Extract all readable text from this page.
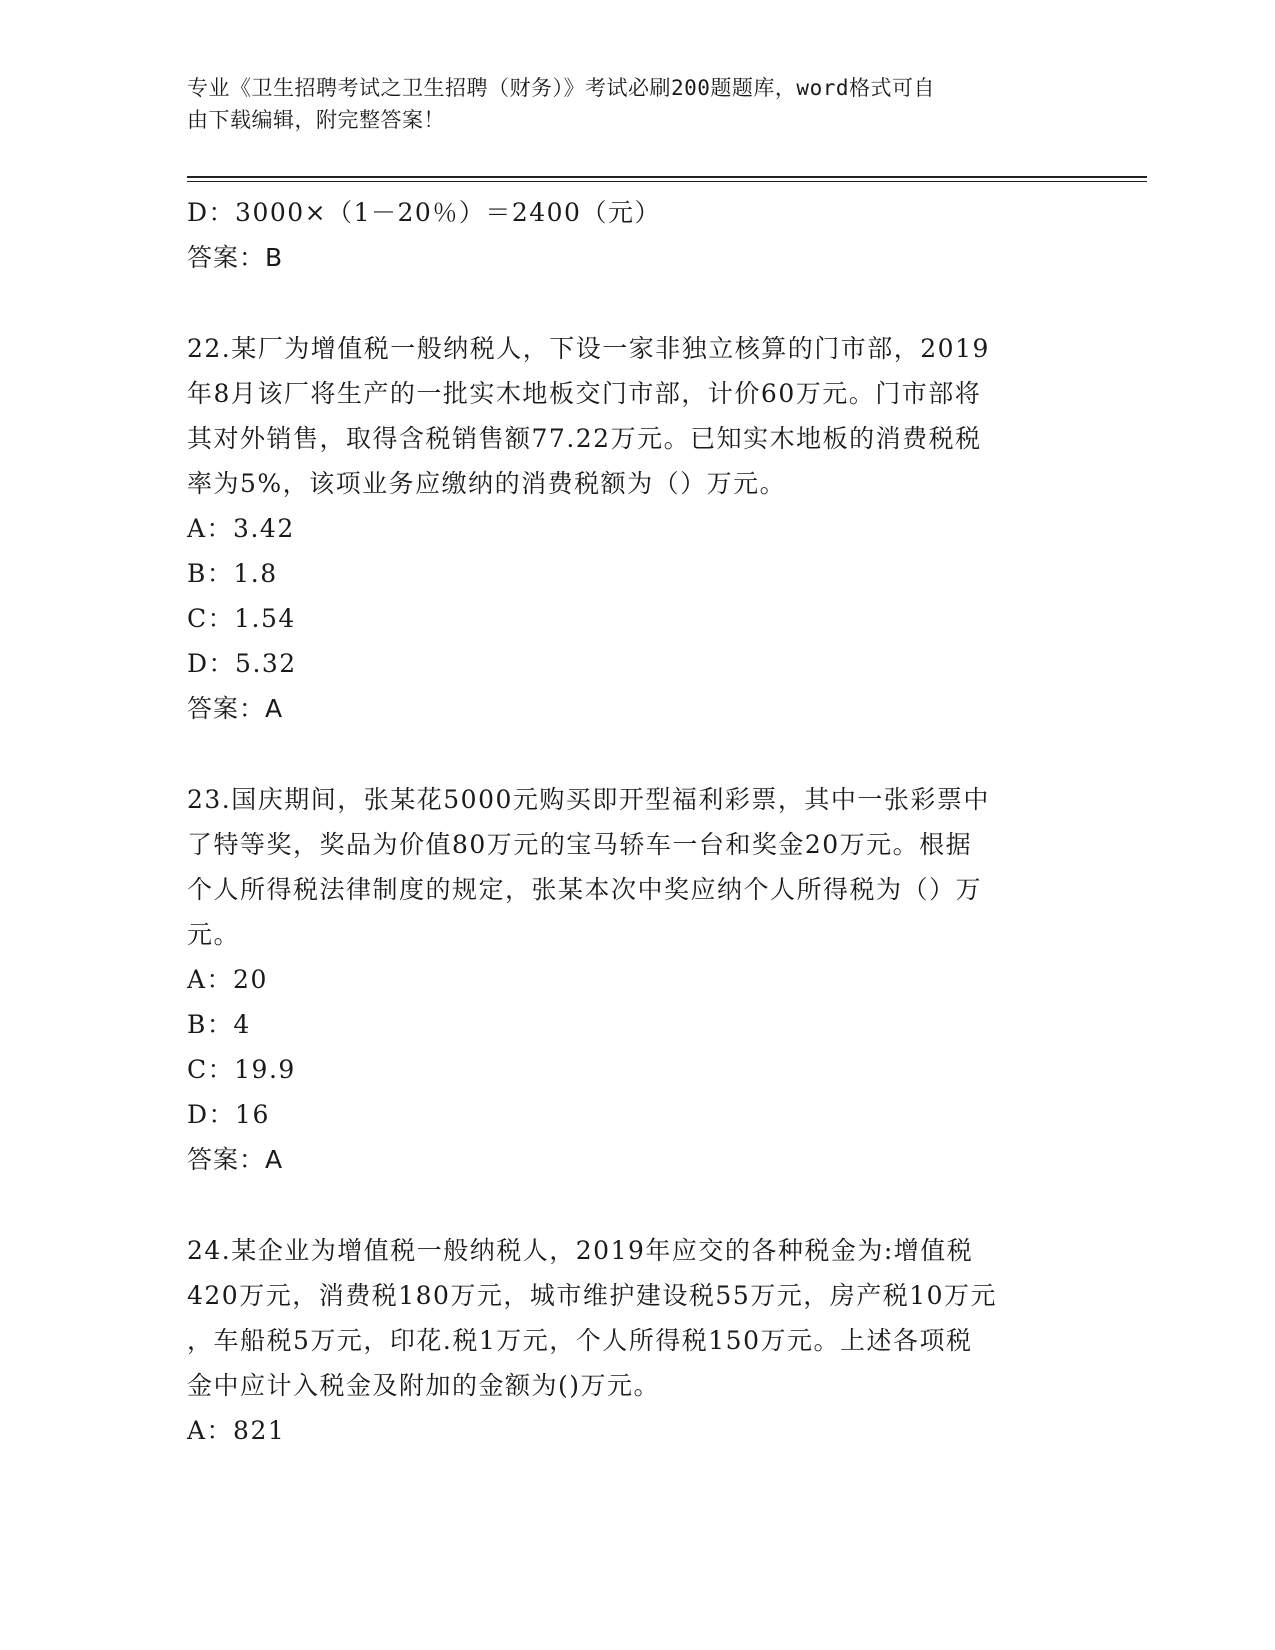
专业《卫生招聘考试之卫生招聘（财务）》考试必刷200题题库，word格式可自
由下载编辑，附完整答案！
D：3000×（1－20％）＝2400（元）
答案：B
22.某厂为增值税一般纳税人，下设一家非独立核算的门市部，2019
年8月该厂将生产的一批实木地板交门市部，计价60万元。门市部将
其对外销售，取得含税销售额77.22万元。已知实木地板的消费税税
率为5%，该项业务应缴纳的消费税额为（）万元。
A：3.42
B：1.8
C：1.54
D：5.32
答案：A
23.国庆期间，张某花5000元购买即开型福利彩票，其中一张彩票中
了特等奖，奖品为价值80万元的宝马轿车一台和奖金20万元。根据
个人所得税法律制度的规定，张某本次中奖应纳个人所得税为（）万
元。
A：20
B：4
C：19.9
D：16
答案：A
24.某企业为增值税一般纳税人，2019年应交的各种税金为:增值税
420万元，消费税180万元，城市维护建设税55万元，房产税10万元
，车船税5万元，印花.税1万元，个人所得税150万元。上述各项税
金中应计入税金及附加的金额为()万元。
A：821
